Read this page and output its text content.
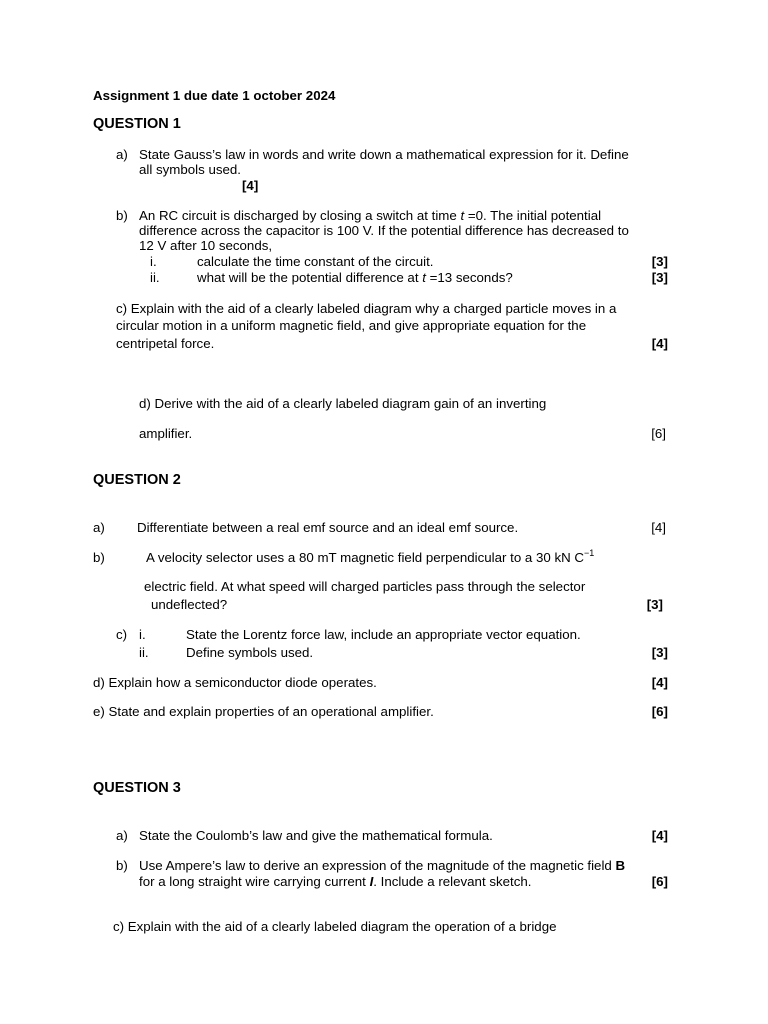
Assignment 1 due date 1 october 2024
QUESTION 1
a) State Gauss’s law in words and write down a mathematical expression for it. Define
all symbols used.
[4]
b) An RC circuit is discharged by closing a switch at time t =0. The initial potential
difference across the capacitor is 100 V. If the potential difference has decreased to
12 V after 10 seconds,
i.	calculate the time constant of the circuit.	[3]
ii.	what will be the potential difference at t =13 seconds?	[3]
c) Explain with the aid of a clearly labeled diagram why a charged particle moves in a
circular motion in a uniform magnetic field, and give appropriate equation for the
centripetal force.	[4]
d) Derive with the aid of a clearly labeled diagram gain of an inverting
amplifier.	[6]
QUESTION 2
a) Differentiate between a real emf source and an ideal emf source.	[4]
b)	A velocity selector uses a 80 mT magnetic field perpendicular to a 30 kN $C^{-1}$
electric field. At what speed will charged particles pass through the selector
undeflected?	[3]
c) i.	State the Lorentz force law, include an appropriate vector equation.
ii.	Define symbols used.	[3]
d) Explain how a semiconductor diode operates.	[4]
e) State and explain properties of an operational amplifier.	[6]
QUESTION 3
a) State the Coulomb’s law and give the mathematical formula.	[4]
b) Use Ampere’s law to derive an expression of the magnitude of the magnetic field B
for a long straight wire carrying current I. Include a relevant sketch.	[6]
c) Explain with the aid of a clearly labeled diagram the operation of a bridge
